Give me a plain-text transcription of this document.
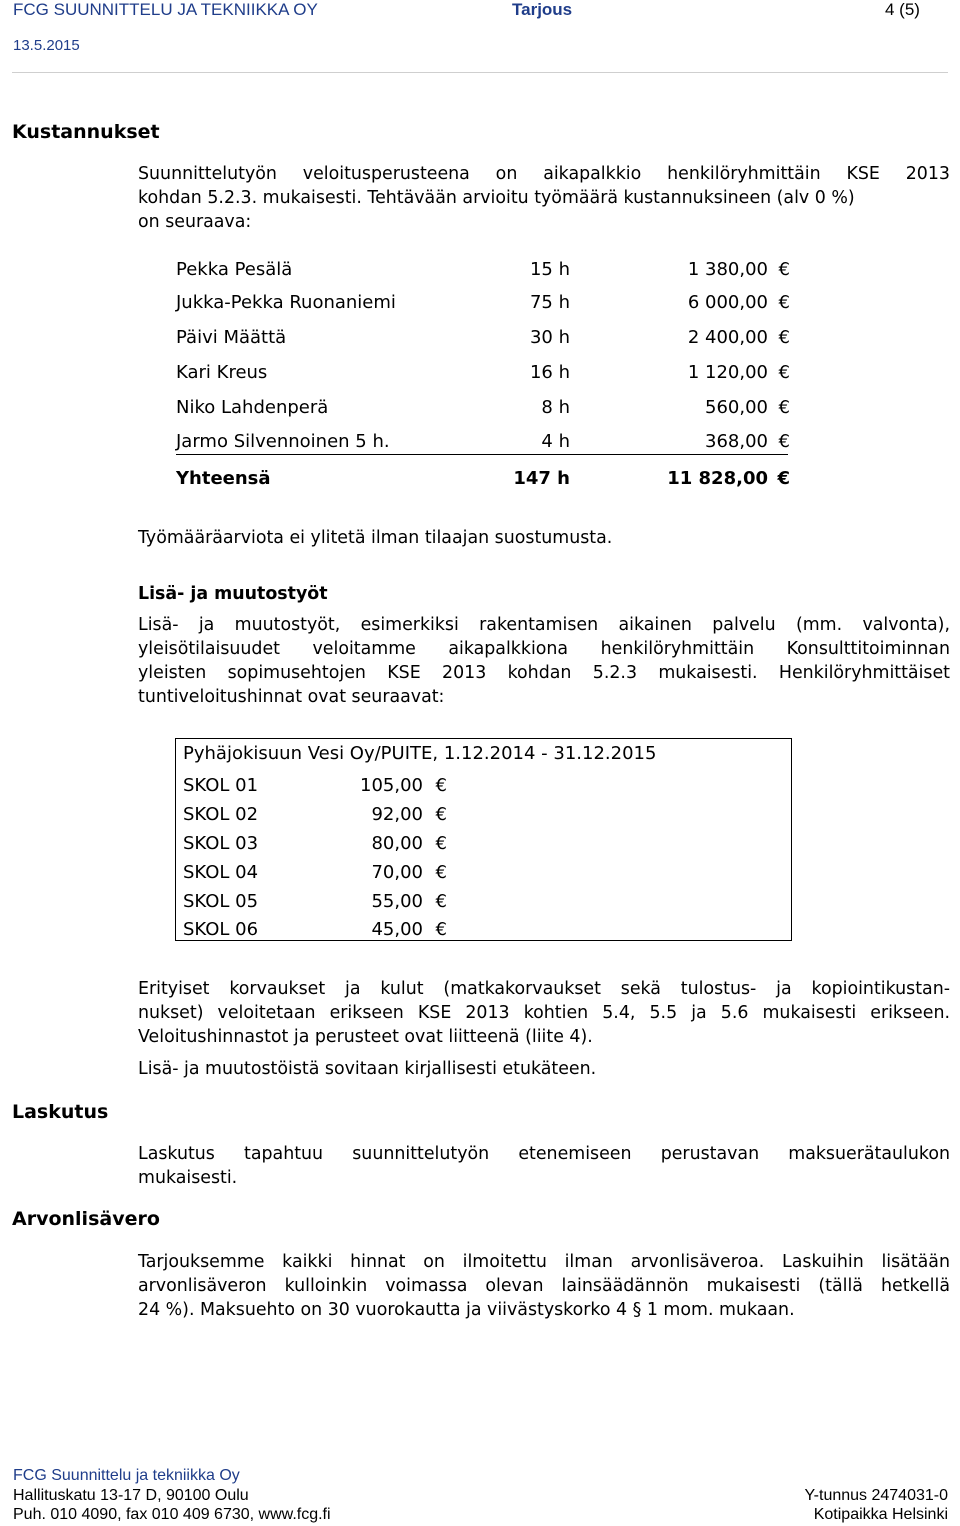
FCG SUUNNITTELU JA TEKNIIKKA OY	Tarjous	4 (5)
13.5.2015
Kustannukset

Suunnittelutyön veloitusperusteena on aikapalkkio henkilöryhmittäin KSE 2013

kohdan 5.2.3. mukaisesti. Tehtävään arvioitu työmäärä kustannuksineen (alv 0 %)

on seuraava:

Pekka Pesälä	15 h	1 380,00 €
Jukka-Pekka Ruonaniemi	75 h	6 000,00 €
Päivi Määttä	30 h	2 400,00 €
Kari Kreus	16 h	1 120,00 €
Niko Lahdenperä	8 h	560,00 €
Jarmo Silvennoinen 5 h.	4 h	368,00 €
Yhteensä	147 h	11 828,00 €
Työmääräarviota ei ylitetä ilman tilaajan suostumusta.
Lisä- ja muutostyöt

Lisä- ja muutostyöt, esimerkiksi rakentamisen aikainen palvelu (mm. valvonta),

yleisötilaisuudet veloitamme aikapalkkiona henkilöryhmittäin Konsulttitoiminnan

yleisten sopimusehtojen KSE 2013 kohdan 5.2.3 mukaisesti. Henkilöryhmittäiset

tuntiveloitushinnat ovat seuraavat:

Pyhäjokisuun Vesi Oy/PUITE, 1.12.2014 - 31.12.2015
SKOL 01	105,00 €
SKOL 02	92,00 €
SKOL 03	80,00 €
SKOL 04	70,00 €
SKOL 05	55,00 €
SKOL 06	45,00 €

Erityiset korvaukset ja kulut (matkakorvaukset sekä tulostus- ja kopiointikustan-

nukset) veloitetaan erikseen KSE 2013 kohtien 5.4, 5.5 ja 5.6 mukaisesti erikseen.

Veloitushinnastot ja perusteet ovat liitteenä (liite 4).

Lisä- ja muutostöistä sovitaan kirjallisesti etukäteen.
Laskutus

Laskutus tapahtuu suunnittelutyön etenemiseen perustavan maksuerätaulukon

mukaisesti.

Arvonlisävero

Tarjouksemme kaikki hinnat on ilmoitettu ilman arvonlisäveroa. Laskuihin lisätään

arvonlisäveron kulloinkin voimassa olevan lainsäädännön mukaisesti (tällä hetkellä

24 %). Maksuehto on 30 vuorokautta ja viivästyskorko 4 § 1 mom. mukaan.

FCG Suunnittelu ja tekniikka Oy
Hallituskatu 13-17 D, 90100 Oulu
Puh. 010 4090, fax 010 409 6730, www.fcg.fi
Y-tunnus 2474031-0
Kotipaikka Helsinki
